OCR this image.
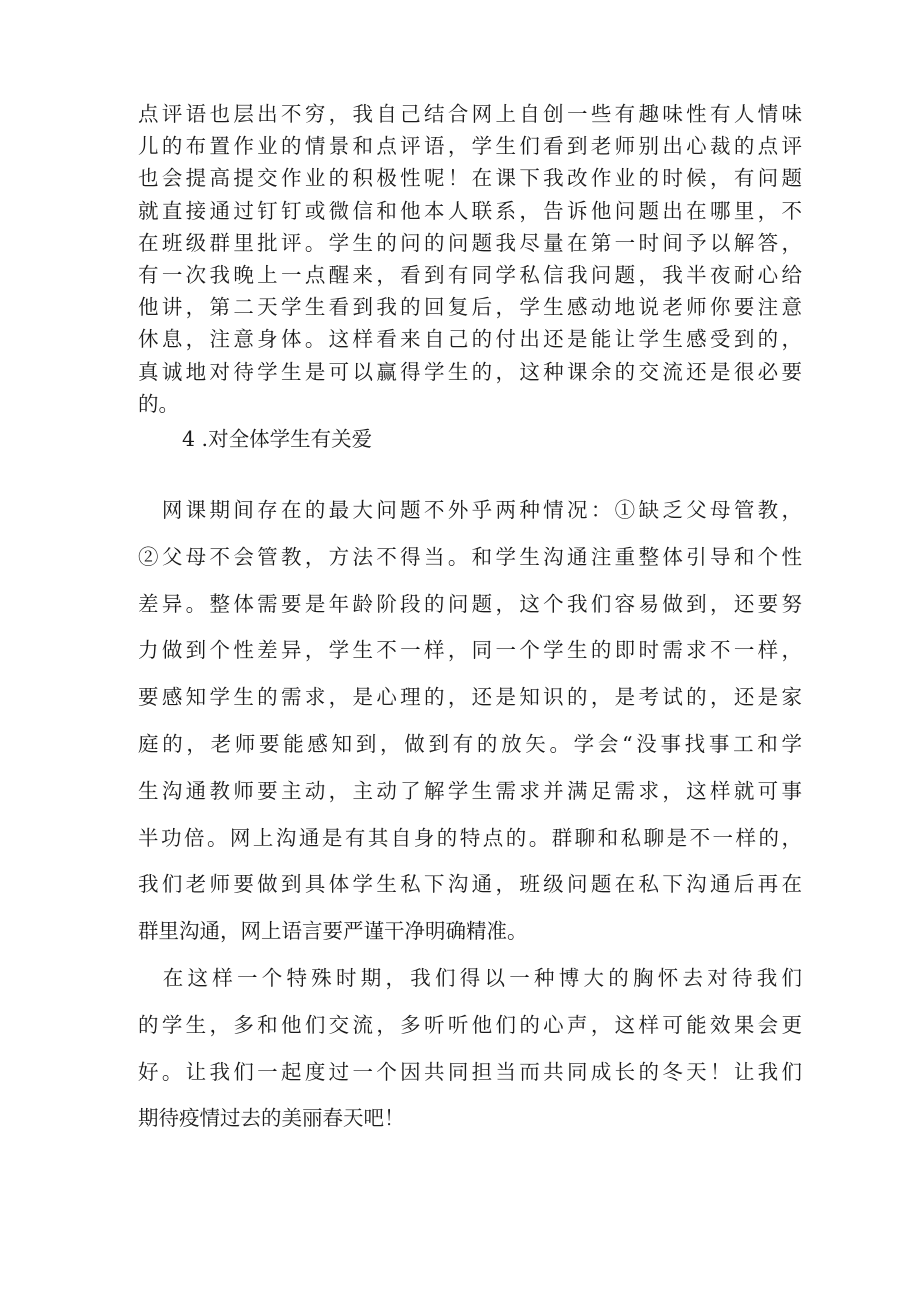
点评语也层出不穷，我自己结合网上自创一些有趣味性有人情味
儿的布置作业的情景和点评语，学生们看到老师别出心裁的点评
也会提高提交作业的积极性呢！在课下我改作业的时候，有问题
就直接通过钉钉或微信和他本人联系，告诉他问题出在哪里，不
在班级群里批评。学生的问的问题我尽量在第一时间予以解答，
有一次我晚上一点醒来，看到有同学私信我问题，我半夜耐心给
他讲，第二天学生看到我的回复后，学生感动地说老师你要注意
休息，注意身体。这样看来自己的付出还是能让学生感受到的，
真诚地对待学生是可以赢得学生的，这种课余的交流还是很必要
的。

4 .对全体学生有关爱

　网课期间存在的最大问题不外乎两种情况：①缺乏父母管教，
②父母不会管教，方法不得当。和学生沟通注重整体引导和个性
差异。整体需要是年龄阶段的问题，这个我们容易做到，还要努
力做到个性差异，学生不一样，同一个学生的即时需求不一样，
要感知学生的需求，是心理的，还是知识的，是考试的，还是家
庭的，老师要能感知到，做到有的放矢。学会“没事找事工和学
生沟通教师要主动，主动了解学生需求并满足需求，这样就可事
半功倍。网上沟通是有其自身的特点的。群聊和私聊是不一样的，
我们老师要做到具体学生私下沟通，班级问题在私下沟通后再在
群里沟通，网上语言要严谨干净明确精准。
　在这样一个特殊时期，我们得以一种博大的胸怀去对待我们
的学生，多和他们交流，多听听他们的心声，这样可能效果会更
好。让我们一起度过一个因共同担当而共同成长的冬天！让我们
期待疫情过去的美丽春天吧！
